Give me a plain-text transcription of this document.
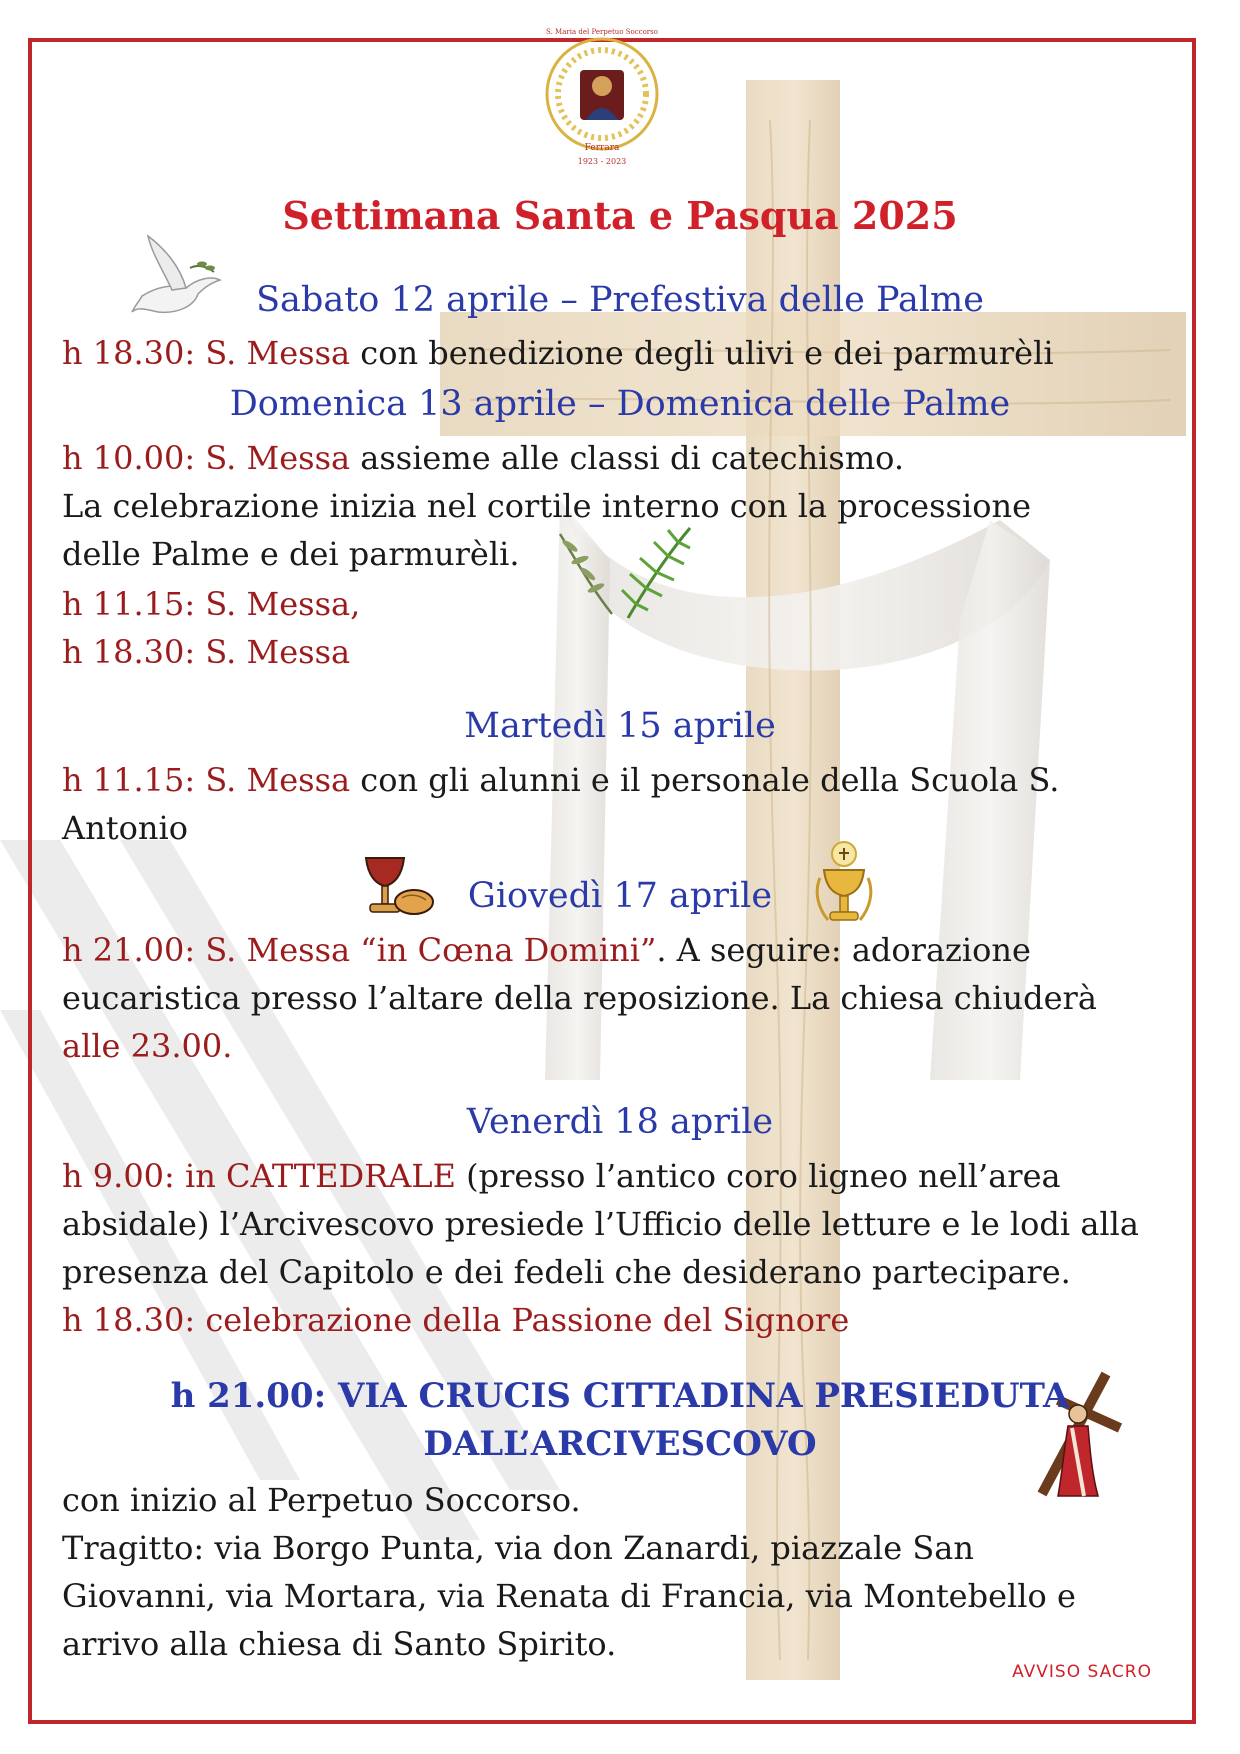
Ferrara
1923 - 2023
S. Maria del Perpetuo Soccorso
Settimana Santa e Pasqua 2025
Sabato 12 aprile – Prefestiva delle Palme
h 18.30: S. Messa con benedizione degli ulivi e dei parmurèli
Domenica 13 aprile – Domenica delle Palme
h 10.00: S. Messa assieme alle classi di catechismo.
La celebrazione inizia nel cortile interno con la processione
delle Palme e dei parmurèli.
h 11.15: S. Messa,
h 18.30: S. Messa
Martedì 15 aprile
h 11.15: S. Messa con gli alunni e il personale della Scuola S.
Antonio
Giovedì 17 aprile
h 21.00: S. Messa “in Cœna Domini”. A seguire: adorazione
eucaristica presso l’altare della reposizione. La chiesa chiuderà
alle 23.00.
Venerdì 18 aprile
h 9.00: in CATTEDRALE (presso l’antico coro ligneo nell’area
absidale) l’Arcivescovo presiede l’Ufficio delle letture e le lodi alla
presenza del Capitolo e dei fedeli che desiderano partecipare.
h 18.30: celebrazione della Passione del Signore
h 21.00: VIA CRUCIS CITTADINA PRESIEDUTA
DALL’ARCIVESCOVO
con inizio al Perpetuo Soccorso.
Tragitto: via Borgo Punta, via don Zanardi, piazzale San
Giovanni, via Mortara, via Renata di Francia, via Montebello e
arrivo alla chiesa di Santo Spirito.
AVVISO SACRO
